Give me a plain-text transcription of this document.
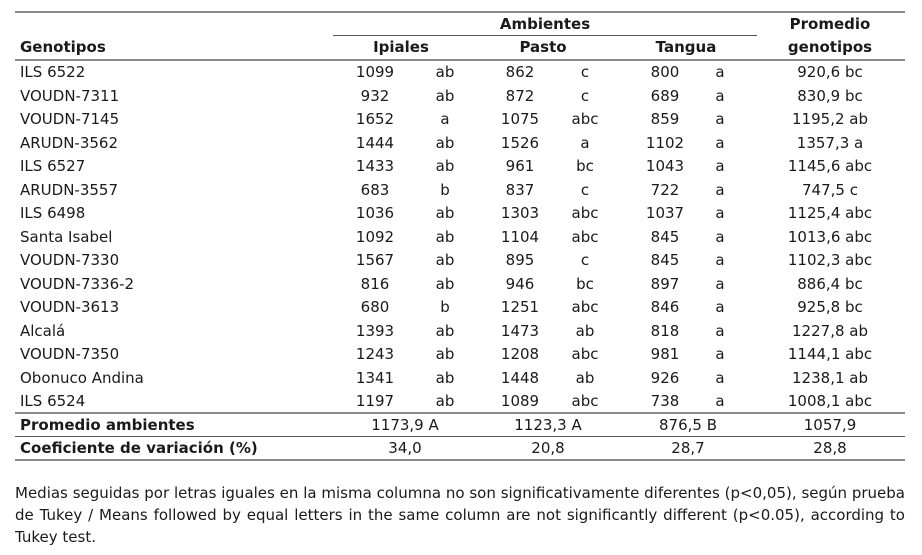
Ambientes	Promedio
Genotipos	Ipiales	Pasto	Tangua	genotipos
ILS 6522	1099	ab	862	c	800 a	920,6 bc
VOUDN-7311	932	ab	872	c	689 a	830,9 bc
VOUDN-7145	1652	a	1075 abc	859 a	1195,2 ab
ARUDN-3562	1444	ab	1526	a	1102 a	1357,3 a
ILS 6527	1433	ab	961	bc	1043 a	1145,6 abc
ARUDN-3557	683	b	837	c	722 a	747,5 c
ILS 6498	1036	ab	1303 abc	1037 a	1125,4 abc
Santa Isabel	1092	ab	1104 abc	845 a	1013,6 abc
VOUDN-7330	1567	ab	895	c	845 a	1102,3 abc
VOUDN-7336-2	816	ab	946	bc	897 a	886,4 bc
VOUDN-3613	680	b	1251 abc	846 a	925,8 bc
Alcalá	1393	ab	1473 ab	818 a	1227,8 ab
VOUDN-7350	1243	ab	1208 abc	981 a	1144,1 abc
Obonuco Andina	1341	ab	1448 ab	926 a	1238,1 ab
ILS 6524	1197	ab	1089 abc	738 a	1008,1 abc
Promedio ambientes	1173,9 A	1123,3 A	876,5 B	1057,9
Coeficiente de variación (%)	34,0	20,8	28,7	28,8
Medias seguidas por letras iguales en la misma columna no son significativamente diferentes (p<0,05), según prueba de Tukey / Means followed by equal letters in the same column are not significantly different (p<0.05), according to Tukey test.
